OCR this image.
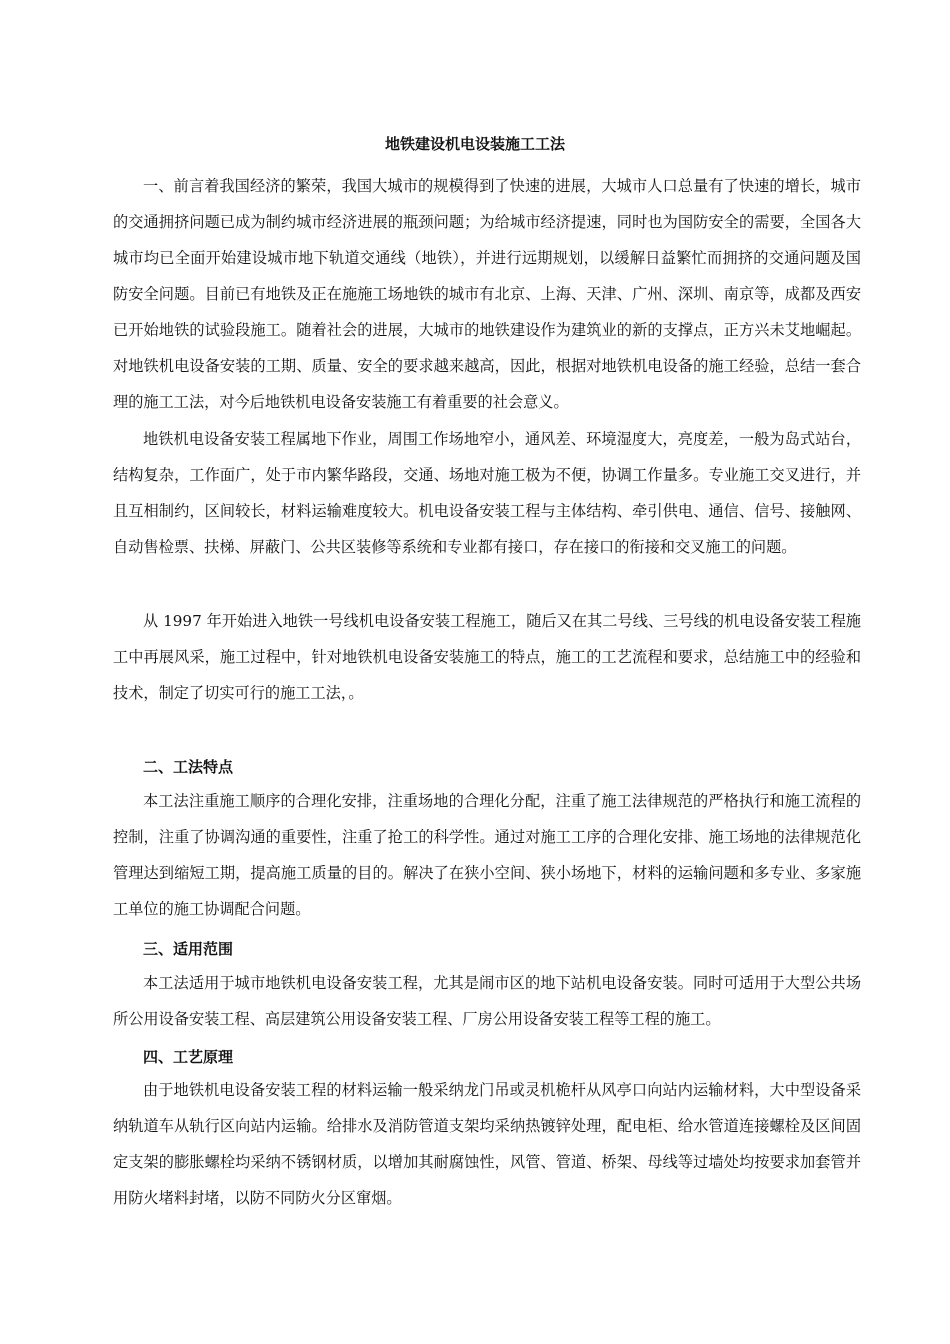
地铁建设机电设装施工工法

一、前言着我国经济的繁荣，我国大城市的规模得到了快速的进展，大城市人口总量有了快速的增长，城市的交通拥挤问题已成为制约城市经济进展的瓶颈问题；为给城市经济提速，同时也为国防安全的需要，全国各大城市均已全面开始建设城市地下轨道交通线（地铁），并进行远期规划，以缓解日益繁忙而拥挤的交通问题及国防安全问题。目前已有地铁及正在施施工场地铁的城市有北京、上海、天津、广州、深圳、南京等，成都及西安已开始地铁的试验段施工。随着社会的进展，大城市的地铁建设作为建筑业的新的支撑点，正方兴未艾地崛起。对地铁机电设备安装的工期、质量、安全的要求越来越高，因此，根据对地铁机电设备的施工经验，总结一套合理的施工工法，对今后地铁机电设备安装施工有着重要的社会意义。

地铁机电设备安装工程属地下作业，周围工作场地窄小，通风差、环境湿度大，亮度差，一般为岛式站台，结构复杂，工作面广，处于市内繁华路段，交通、场地对施工极为不便，协调工作量多。专业施工交叉进行，并且互相制约，区间较长，材料运输难度较大。机电设备安装工程与主体结构、牵引供电、通信、信号、接触网、自动售检票、扶梯、屏蔽门、公共区装修等系统和专业都有接口，存在接口的衔接和交叉施工的问题。

从 1997 年开始进入地铁一号线机电设备安装工程施工，随后又在其二号线、三号线的机电设备安装工程施工中再展风采，施工过程中，针对地铁机电设备安装施工的特点，施工的工艺流程和要求，总结施工中的经验和技术，制定了切实可行的施工工法，。

二、工法特点

本工法注重施工顺序的合理化安排，注重场地的合理化分配，注重了施工法律规范的严格执行和施工流程的控制，注重了协调沟通的重要性，注重了抢工的科学性。通过对施工工序的合理化安排、施工场地的法律规范化管理达到缩短工期，提高施工质量的目的。解决了在狭小空间、狭小场地下，材料的运输问题和多专业、多家施工单位的施工协调配合问题。

三、适用范围

本工法适用于城市地铁机电设备安装工程，尤其是闹市区的地下站机电设备安装。同时可适用于大型公共场所公用设备安装工程、高层建筑公用设备安装工程、厂房公用设备安装工程等工程的施工。

四、工艺原理

由于地铁机电设备安装工程的材料运输一般采纳龙门吊或灵机桅杆从风亭口向站内运输材料，大中型设备采纳轨道车从轨行区向站内运输。给排水及消防管道支架均采纳热镀锌处理，配电柜、给水管道连接螺栓及区间固定支架的膨胀螺栓均采纳不锈钢材质，以增加其耐腐蚀性，风管、管道、桥架、母线等过墙处均按要求加套管并用防火堵料封堵，以防不同防火分区窜烟。
